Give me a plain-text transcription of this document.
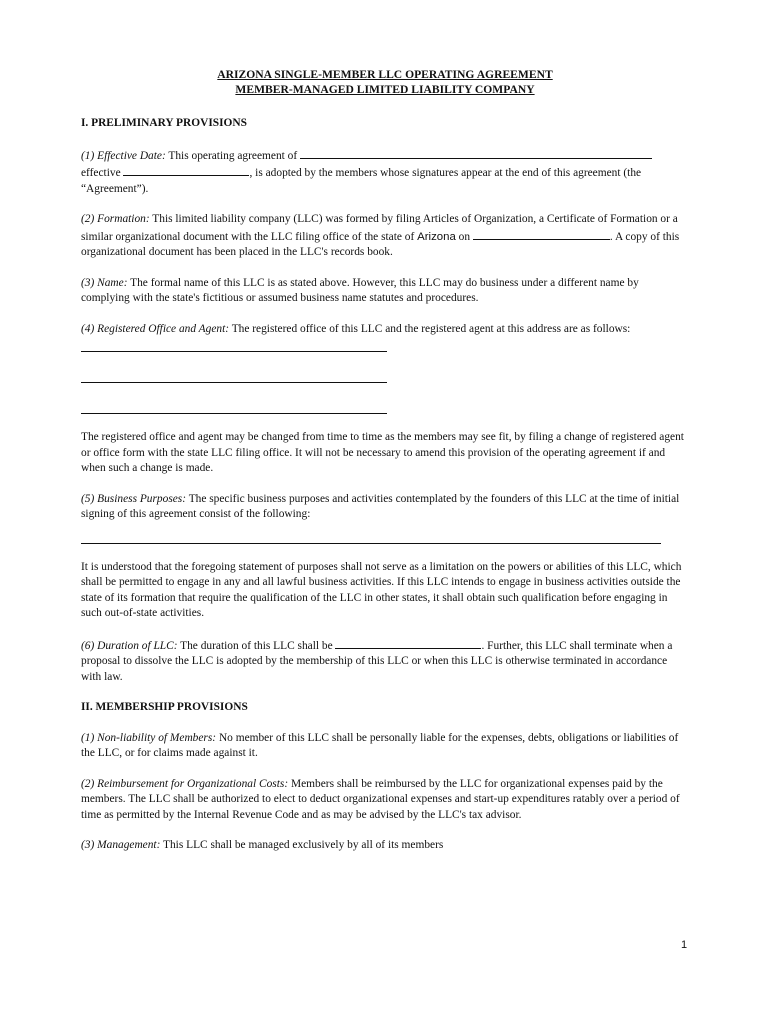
ARIZONA SINGLE-MEMBER LLC OPERATING AGREEMENT
MEMBER-MANAGED LIMITED LIABILITY COMPANY
I. PRELIMINARY PROVISIONS

(1) Effective Date: This operating agreement of
effective	, is adopted by the members whose signatures appear at the end of this agreement (the “Agreement”).

(2) Formation: This limited liability company (LLC) was formed by filing Articles of Organization, a Certificate of Formation or a similar organizational document with the LLC filing office of the state of Arizona on	. A copy of this organizational document has been placed in the LLC's records book.

(3) Name: The formal name of this LLC is as stated above. However, this LLC may do business under a different name by complying with the state's fictitious or assumed business name statutes and procedures.

(4) Registered Office and Agent: The registered office of this LLC and the registered agent at this address are as follows:

The registered office and agent may be changed from time to time as the members may see fit, by filing a change of registered agent or office form with the state LLC filing office. It will not be necessary to amend this provision of the operating agreement if and when such a change is made.

(5) Business Purposes: The specific business purposes and activities contemplated by the founders of this LLC at the time of initial signing of this agreement consist of the following:

It is understood that the foregoing statement of purposes shall not serve as a limitation on the powers or abilities of this LLC, which shall be permitted to engage in any and all lawful business activities. If this LLC intends to engage in business activities outside the state of its formation that require the qualification of the LLC in other states, it shall obtain such qualification before engaging in such out-of-state activities.

(6) Duration of LLC: The duration of this LLC shall be	. Further, this LLC shall terminate when a proposal to dissolve the LLC is adopted by the membership of this LLC or when this LLC is otherwise terminated in accordance with law.

II. MEMBERSHIP PROVISIONS

(1) Non-liability of Members: No member of this LLC shall be personally liable for the expenses, debts, obligations or liabilities of the LLC, or for claims made against it.

(2) Reimbursement for Organizational Costs: Members shall be reimbursed by the LLC for organizational expenses paid by the members. The LLC shall be authorized to elect to deduct organizational expenses and start-up expenditures ratably over a period of time as permitted by the Internal Revenue Code and as may be advised by the LLC's tax advisor.

(3) Management: This LLC shall be managed exclusively by all of its members

1
